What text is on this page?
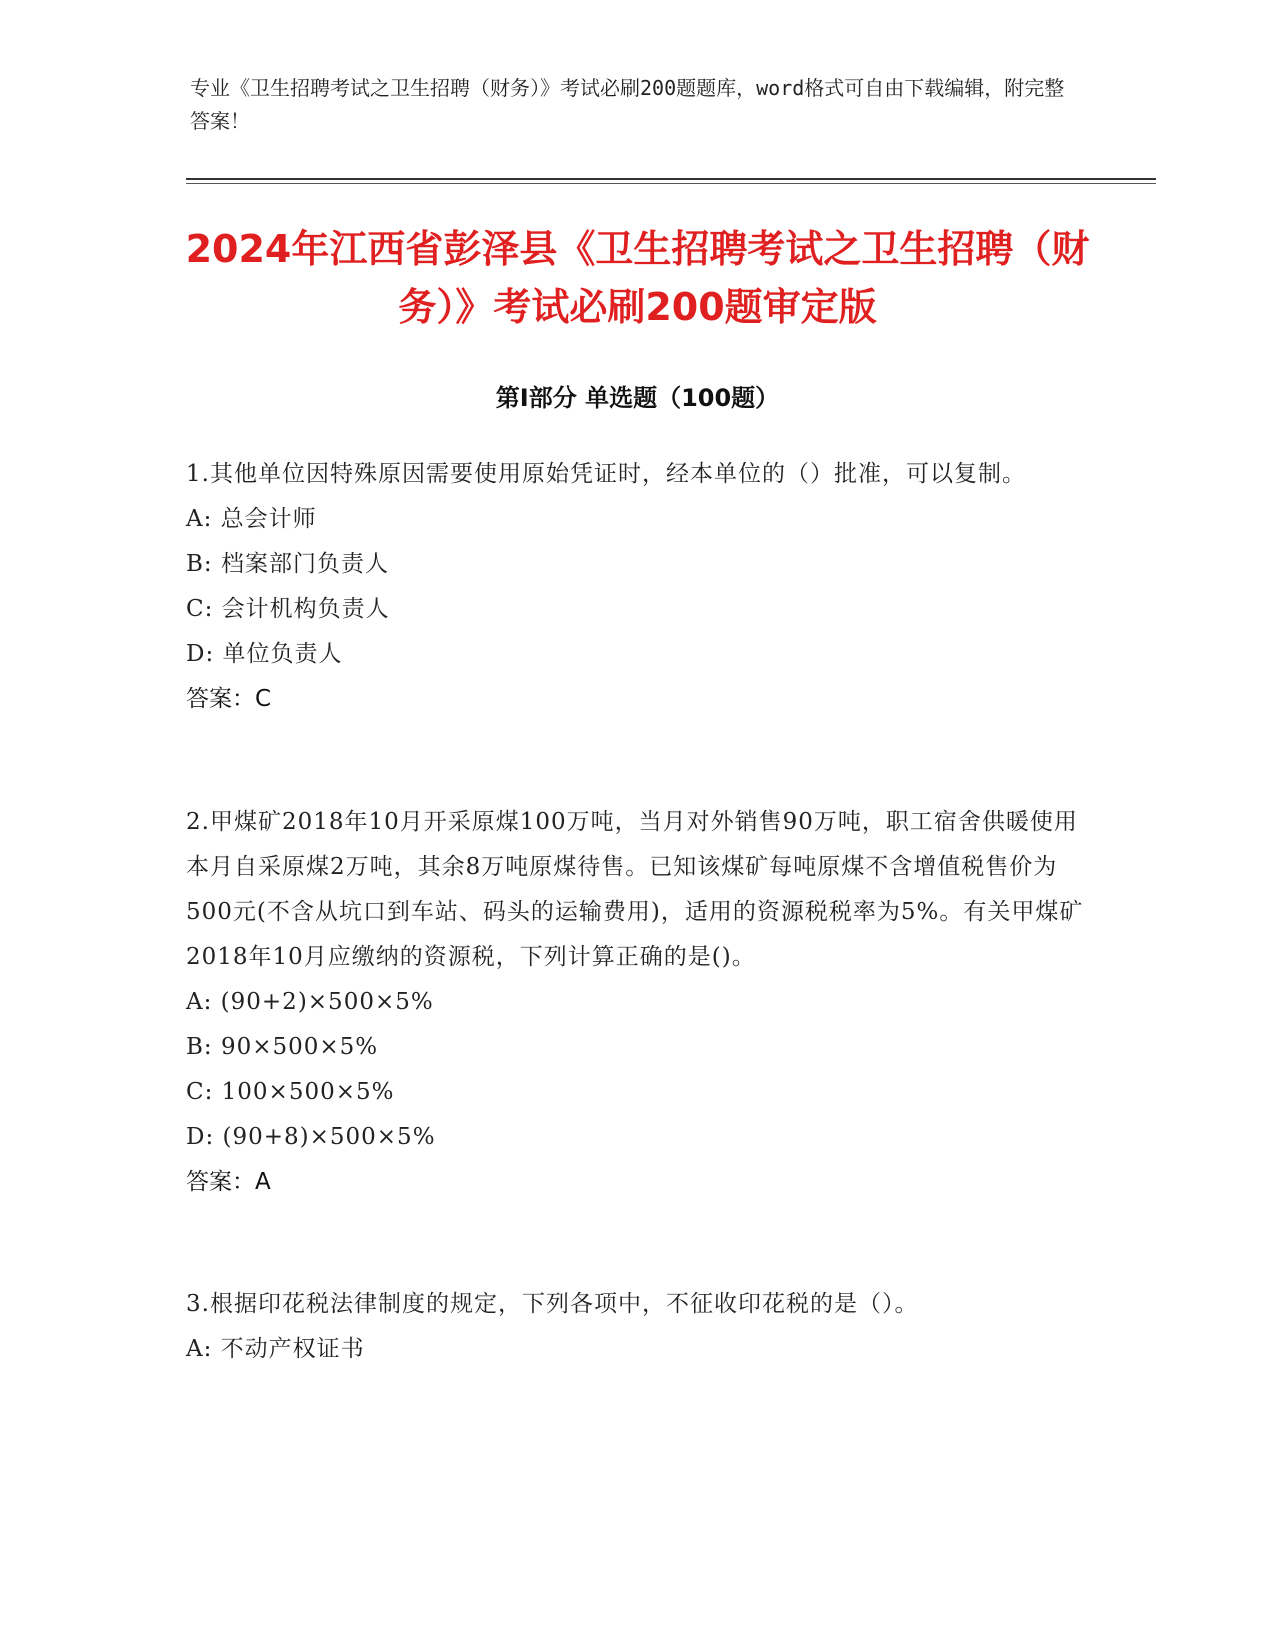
专业《卫生招聘考试之卫生招聘（财务）》考试必刷200题题库，word格式可自由下载编辑，附完整答案！
2024年江西省彭泽县《卫生招聘考试之卫生招聘（财务）》考试必刷200题审定版
第Ⅰ部分 单选题（100题）
1.其他单位因特殊原因需要使用原始凭证时，经本单位的（）批准，可以复制。
A: 总会计师
B: 档案部门负责人
C: 会计机构负责人
D: 单位负责人
答案：C
2.甲煤矿2018年10月开采原煤100万吨，当月对外销售90万吨，职工宿舍供暖使用本月自采原煤2万吨，其余8万吨原煤待售。已知该煤矿每吨原煤不含增值税售价为500元(不含从坑口到车站、码头的运输费用)，适用的资源税税率为5%。有关甲煤矿2018年10月应缴纳的资源税，下列计算正确的是()。
A: (90+2)×500×5%
B: 90×500×5%
C: 100×500×5%
D: (90+8)×500×5%
答案：A
3.根据印花税法律制度的规定，下列各项中，不征收印花税的是（）。
A: 不动产权证书
